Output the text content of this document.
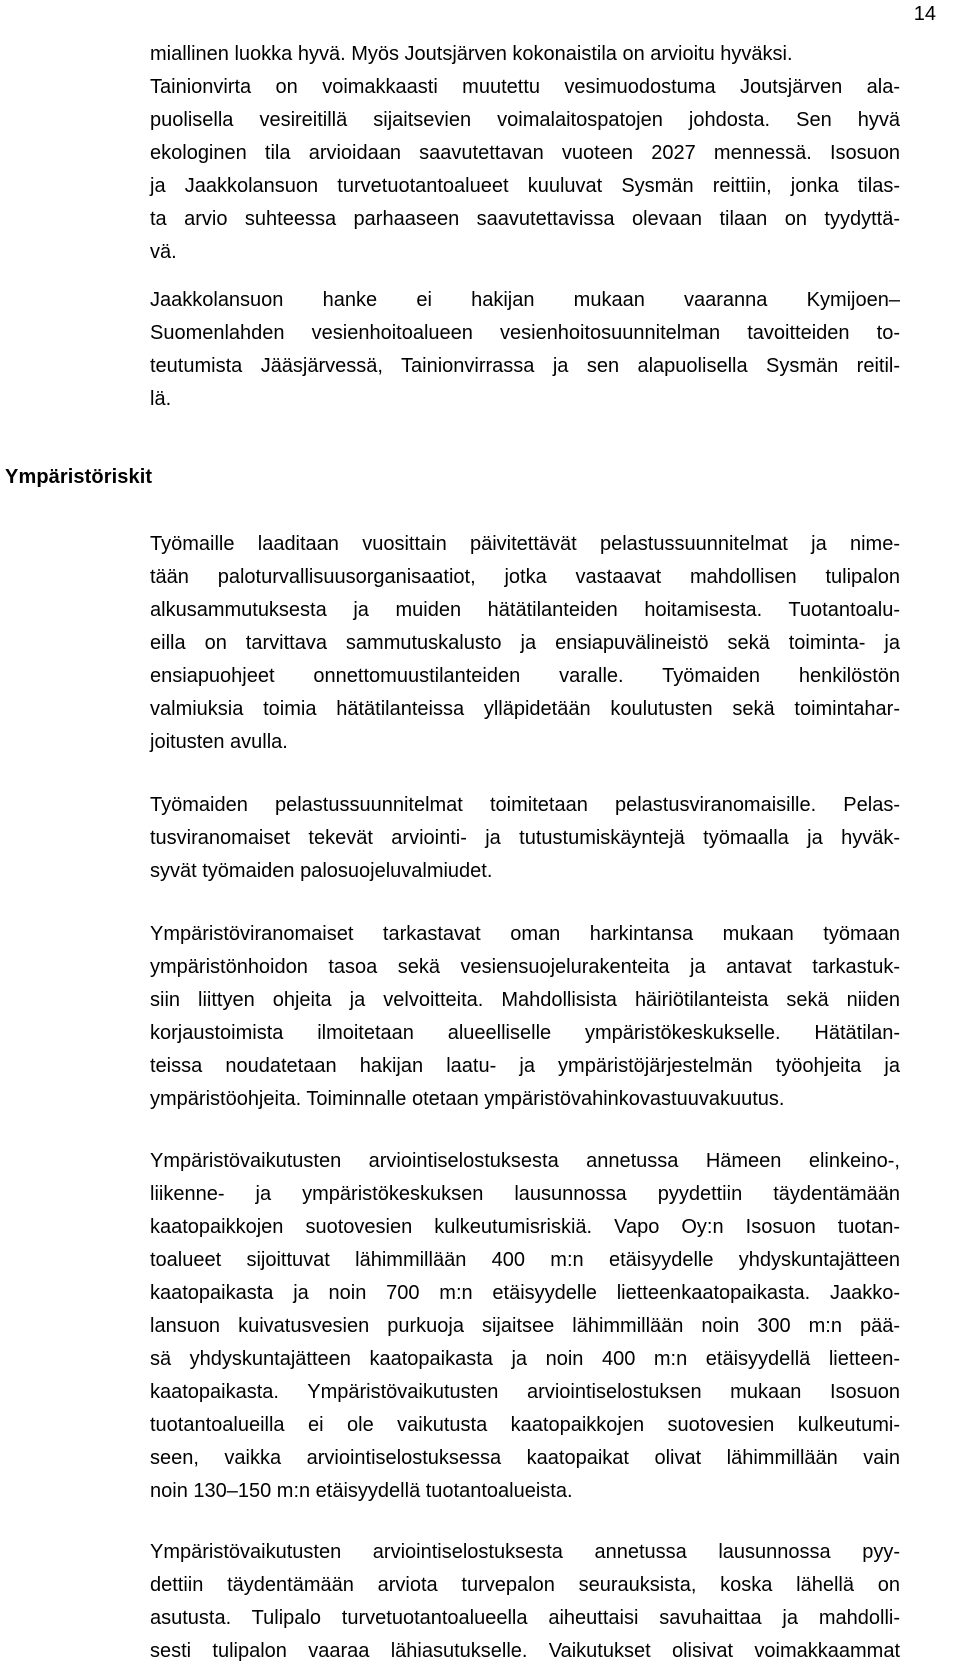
14
Ympäristöriskit
miallinen luokka hyvä. Myös Joutsjärven kokonaistila on arvioitu hyväksi.
Tainionvirta on voimakkaasti muutettu vesimuodostuma Joutsjärven ala-
puolisella vesireitillä sijaitsevien voimalaitospatojen johdosta. Sen hyvä
ekologinen tila arvioidaan saavutettavan vuoteen 2027 mennessä. Isosuon
ja Jaakkolansuon turvetuotantoalueet kuuluvat Sysmän reittiin, jonka tilas-
ta arvio suhteessa parhaaseen saavutettavissa olevaan tilaan on tyydyttä-
vä.
Jaakkolansuon hanke ei hakijan mukaan vaaranna Kymijoen–
Suomenlahden vesienhoitoalueen vesienhoitosuunnitelman tavoitteiden to-
teutumista Jääsjärvessä, Tainionvirrassa ja sen alapuolisella Sysmän reitil-
lä.
Työmaille laaditaan vuosittain päivitettävät pelastussuunnitelmat ja nime-
tään paloturvallisuusorganisaatiot, jotka vastaavat mahdollisen tulipalon
alkusammutuksesta ja muiden hätätilanteiden hoitamisesta. Tuotantoalu-
eilla on tarvittava sammutuskalusto ja ensiapuvälineistö sekä toiminta- ja
ensiapuohjeet onnettomuustilanteiden varalle. Työmaiden henkilöstön
valmiuksia toimia hätätilanteissa ylläpidetään koulutusten sekä toimintahar-
joitusten avulla.
Työmaiden pelastussuunnitelmat toimitetaan pelastusviranomaisille. Pelas-
tusviranomaiset tekevät arviointi- ja tutustumiskäyntejä työmaalla ja hyväk-
syvät työmaiden palosuojeluvalmiudet.
Ympäristöviranomaiset tarkastavat oman harkintansa mukaan työmaan
ympäristönhoidon tasoa sekä vesiensuojelurakenteita ja antavat tarkastuk-
siin liittyen ohjeita ja velvoitteita. Mahdollisista häiriötilanteista sekä niiden
korjaustoimista ilmoitetaan alueelliselle ympäristökeskukselle. Hätätilan-
teissa noudatetaan hakijan laatu- ja ympäristöjärjestelmän työohjeita ja
ympäristöohjeita. Toiminnalle otetaan ympäristövahinkovastuuvakuutus.
Ympäristövaikutusten arviointiselostuksesta annetussa Hämeen elinkeino-,
liikenne- ja ympäristökeskuksen lausunnossa pyydettiin täydentämään
kaatopaikkojen suotovesien kulkeutumisriskiä. Vapo Oy:n Isosuon tuotan-
toalueet sijoittuvat lähimmillään 400 m:n etäisyydelle yhdyskuntajätteen
kaatopaikasta ja noin 700 m:n etäisyydelle lietteenkaatopaikasta. Jaakko-
lansuon kuivatusvesien purkuoja sijaitsee lähimmillään noin 300 m:n pää-
sä yhdyskuntajätteen kaatopaikasta ja noin 400 m:n etäisyydellä lietteen-
kaatopaikasta. Ympäristövaikutusten arviointiselostuksen mukaan Isosuon
tuotantoalueilla ei ole vaikutusta kaatopaikkojen suotovesien kulkeutumi-
seen, vaikka arviointiselostuksessa kaatopaikat olivat lähimmillään vain
noin 130–150 m:n etäisyydellä tuotantoalueista.
Ympäristövaikutusten arviointiselostuksesta annetussa lausunnossa pyy-
dettiin täydentämään arviota turvepalon seurauksista, koska lähellä on
asutusta. Tulipalo turvetuotantoalueella aiheuttaisi savuhaittaa ja mahdolli-
sesti tulipalon vaaraa lähiasutukselle. Vaikutukset olisivat voimakkaammat
